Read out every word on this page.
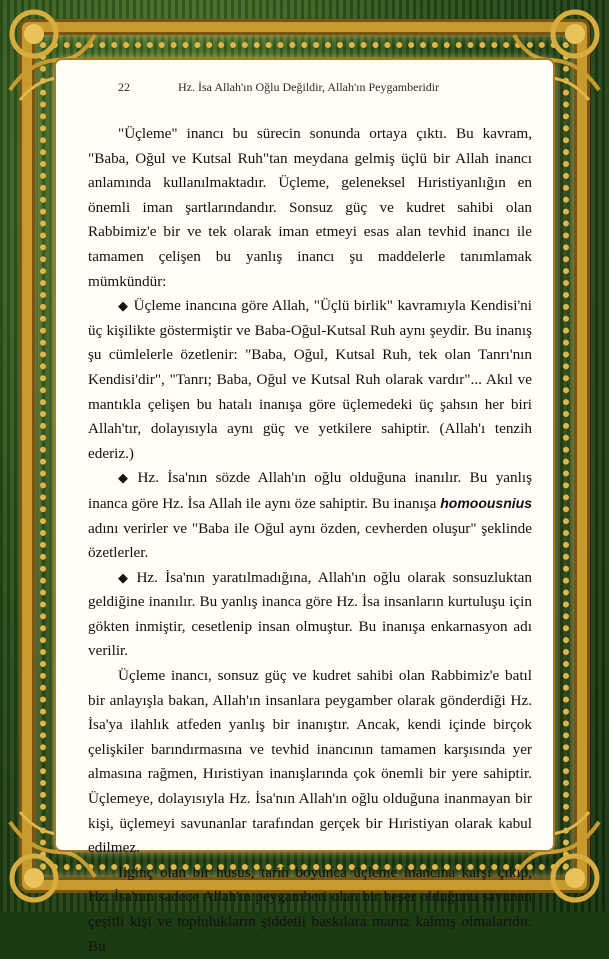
22	Hz. İsa Allah'ın Oğlu Değildir, Allah'ın Peygamberidir

"Üçleme" inancı bu sürecin sonunda ortaya çıktı. Bu kavram, "Baba, Oğul ve Kutsal Ruh"tan meydana gelmiş üçlü bir Allah inancı anlamında kullanılmaktadır. Üçleme, geleneksel Hıristiyanlığın en önemli iman şartlarındandır. Sonsuz güç ve kudret sahibi olan Rabbimiz'e bir ve tek olarak iman etmeyi esas alan tevhid inancı ile tamamen çelişen bu yanlış inancı şu maddelerle tanımlamak mümkündür:

◆ Üçleme inancına göre Allah, "Üçlü birlik" kavramıyla Kendisi'ni üç kişilikte göstermiştir ve Baba-Oğul-Kutsal Ruh aynı şeydir. Bu inanış şu cümlelerle özetlenir: "Baba, Oğul, Kutsal Ruh, tek olan Tanrı'nın Kendisi'dir", "Tanrı; Baba, Oğul ve Kutsal Ruh olarak vardır"... Akıl ve mantıkla çelişen bu hatalı inanışa göre üçlemedeki üç şahsın her biri Allah'tır, dolayısıyla aynı güç ve yetkilere sahiptir. (Allah'ı tenzih ederiz.)

◆ Hz. İsa'nın sözde Allah'ın oğlu olduğuna inanılır. Bu yanlış inanca göre Hz. İsa Allah ile aynı öze sahiptir. Bu inanışa homoousnius adını verirler ve "Baba ile Oğul aynı özden, cevherden oluşur" şeklinde özetlerler.

◆ Hz. İsa'nın yaratılmadığına, Allah'ın oğlu olarak sonsuzluktan geldiğine inanılır. Bu yanlış inanca göre Hz. İsa insanların kurtuluşu için gökten inmiştir, cesetlenip insan olmuştur. Bu inanışa enkarnasyon adı verilir.

Üçleme inancı, sonsuz güç ve kudret sahibi olan Rabbimiz'e batıl bir anlayışla bakan, Allah'ın insanlara peygamber olarak gönderdiği Hz. İsa'ya ilahlık atfeden yanlış bir inanıştır. Ancak, kendi içinde birçok çelişkiler barındırmasına ve tevhid inancının tamamen karşısında yer almasına rağmen, Hıristiyan inanışlarında çok önemli bir yere sahiptir. Üçlemeye, dolayısıyla Hz. İsa'nın Allah'ın oğlu olduğuna inanmayan bir kişi, üçlemeyi savunanlar tarafından gerçek bir Hıristiyan olarak kabul edilmez.

İlginç olan bir husus, tarih boyunca üçleme inancına karşı çıkıp, Hz. İsa'nın sadece Allah'ın peygamberi olan bir beşer olduğunu savunan çeşitli kişi ve toplulukların şiddetli baskılara maruz kalmış olmalarıdır. Bu
